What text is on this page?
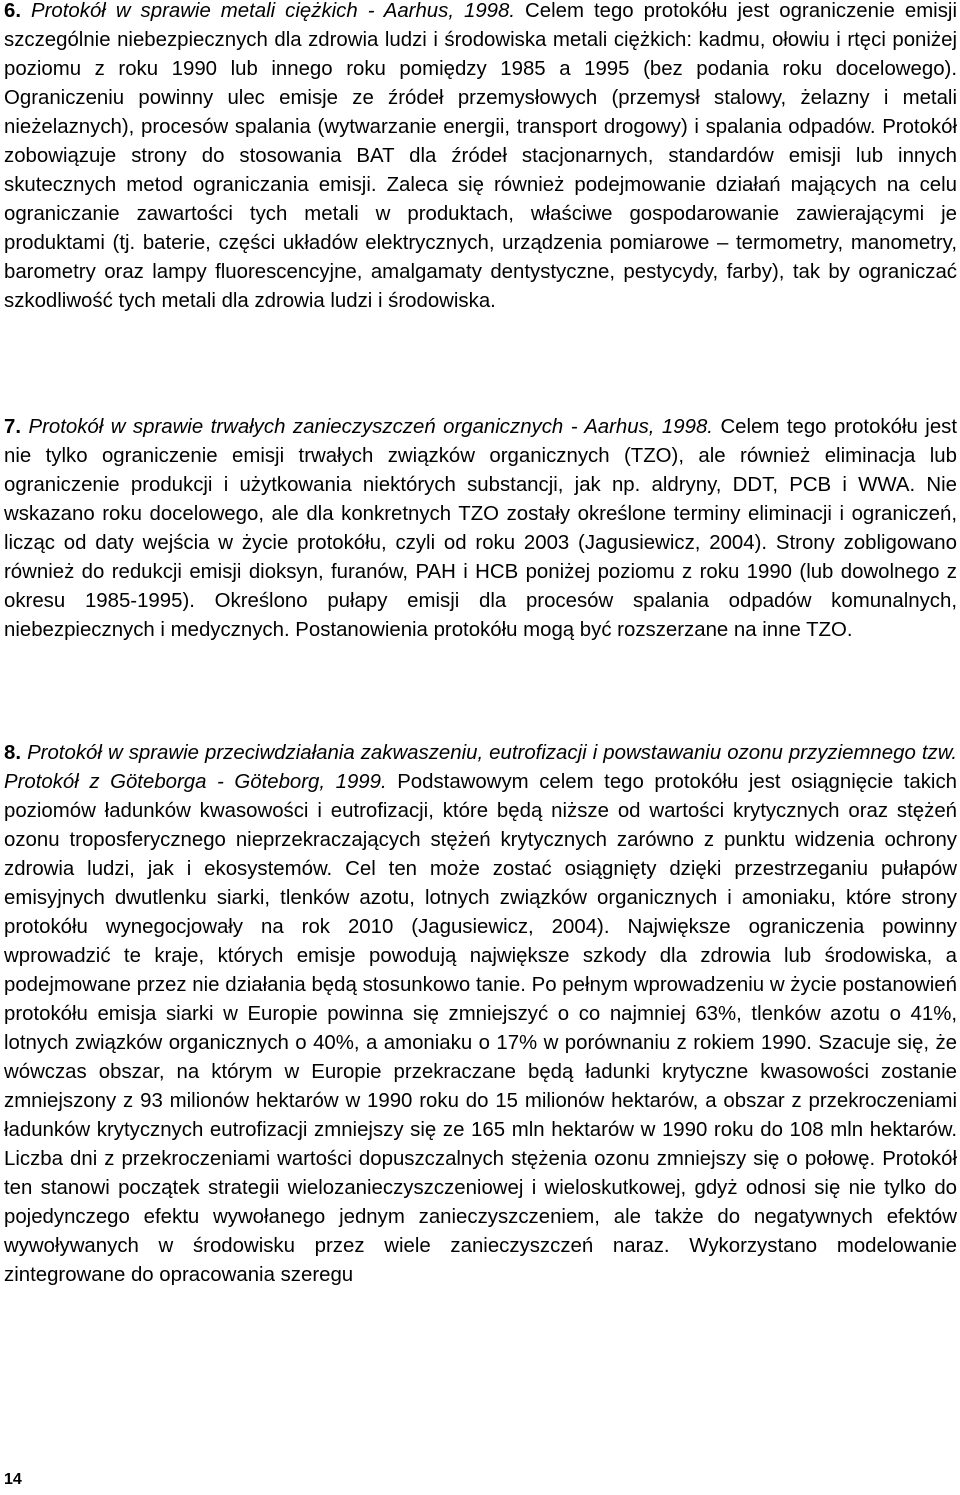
6. Protokół w sprawie metali ciężkich - Aarhus, 1998. Celem tego protokółu jest ograniczenie emisji szczególnie niebezpiecznych dla zdrowia ludzi i środowiska metali ciężkich: kadmu, ołowiu i rtęci poniżej poziomu z roku 1990 lub innego roku pomiędzy 1985 a 1995 (bez podania roku docelowego). Ograniczeniu powinny ulec emisje ze źródeł przemysłowych (przemysł stalowy, żelazny i metali nieżelaznych), procesów spalania (wytwarzanie energii, transport drogowy) i spalania odpadów. Protokół zobowiązuje strony do stosowania BAT dla źródeł stacjonarnych, standardów emisji lub innych skutecznych metod ograniczania emisji. Zaleca się również podejmowanie działań mających na celu ograniczanie zawartości tych metali w produktach, właściwe gospodarowanie zawierającymi je produktami (tj. baterie, części układów elektrycznych, urządzenia pomiarowe – termometry, manometry, barometry oraz lampy fluorescencyjne, amalgamaty dentystyczne, pestycydy, farby), tak by ograniczać szkodliwość tych metali dla zdrowia ludzi i środowiska.
7. Protokół w sprawie trwałych zanieczyszczeń organicznych - Aarhus, 1998. Celem tego protokółu jest nie tylko ograniczenie emisji trwałych związków organicznych (TZO), ale również eliminacja lub ograniczenie produkcji i użytkowania niektórych substancji, jak np. aldryny, DDT, PCB i WWA. Nie wskazano roku docelowego, ale dla konkretnych TZO zostały określone terminy eliminacji i ograniczeń, licząc od daty wejścia w życie protokółu, czyli od roku 2003 (Jagusiewicz, 2004). Strony zobligowano również do redukcji emisji dioksyn, furanów, PAH i HCB poniżej poziomu z roku 1990 (lub dowolnego z okresu 1985-1995). Określono pułapy emisji dla procesów spalania odpadów komunalnych, niebezpiecznych i medycznych. Postanowienia protokółu mogą być rozszerzane na inne TZO.
8. Protokół w sprawie przeciwdziałania zakwaszeniu, eutrofizacji i powstawaniu ozonu przyziemnego tzw. Protokół z Göteborga - Göteborg, 1999. Podstawowym celem tego protokółu jest osiągnięcie takich poziomów ładunków kwasowości i eutrofizacji, które będą niższe od wartości krytycznych oraz stężeń ozonu troposferycznego nieprzekraczających stężeń krytycznych zarówno z punktu widzenia ochrony zdrowia ludzi, jak i ekosystemów. Cel ten może zostać osiągnięty dzięki przestrzeganiu pułapów emisyjnych dwutlenku siarki, tlenków azotu, lotnych związków organicznych i amoniaku, które strony protokółu wynegocjowały na rok 2010 (Jagusiewicz, 2004). Największe ograniczenia powinny wprowadzić te kraje, których emisje powodują największe szkody dla zdrowia lub środowiska, a podejmowane przez nie działania będą stosunkowo tanie. Po pełnym wprowadzeniu w życie postanowień protokółu emisja siarki w Europie powinna się zmniejszyć o co najmniej 63%, tlenków azotu o 41%, lotnych związków organicznych o 40%, a amoniaku o 17% w porównaniu z rokiem 1990. Szacuje się, że wówczas obszar, na którym w Europie przekraczane będą ładunki krytyczne kwasowości zostanie zmniejszony z 93 milionów hektarów w 1990 roku do 15 milionów hektarów, a obszar z przekroczeniami ładunków krytycznych eutrofizacji zmniejszy się ze 165 mln hektarów w 1990 roku do 108 mln hektarów. Liczba dni z przekroczeniami wartości dopuszczalnych stężenia ozonu zmniejszy się o połowę. Protokół ten stanowi początek strategii wielozanieczyszczeniowej i wieloskutkowej, gdyż odnosi się nie tylko do pojedynczego efektu wywołanego jednym zanieczyszczeniem, ale także do negatywnych efektów wywoływanych w środowisku przez wiele zanieczyszczeń naraz. Wykorzystano modelowanie zintegrowane do opracowania szeregu
14
